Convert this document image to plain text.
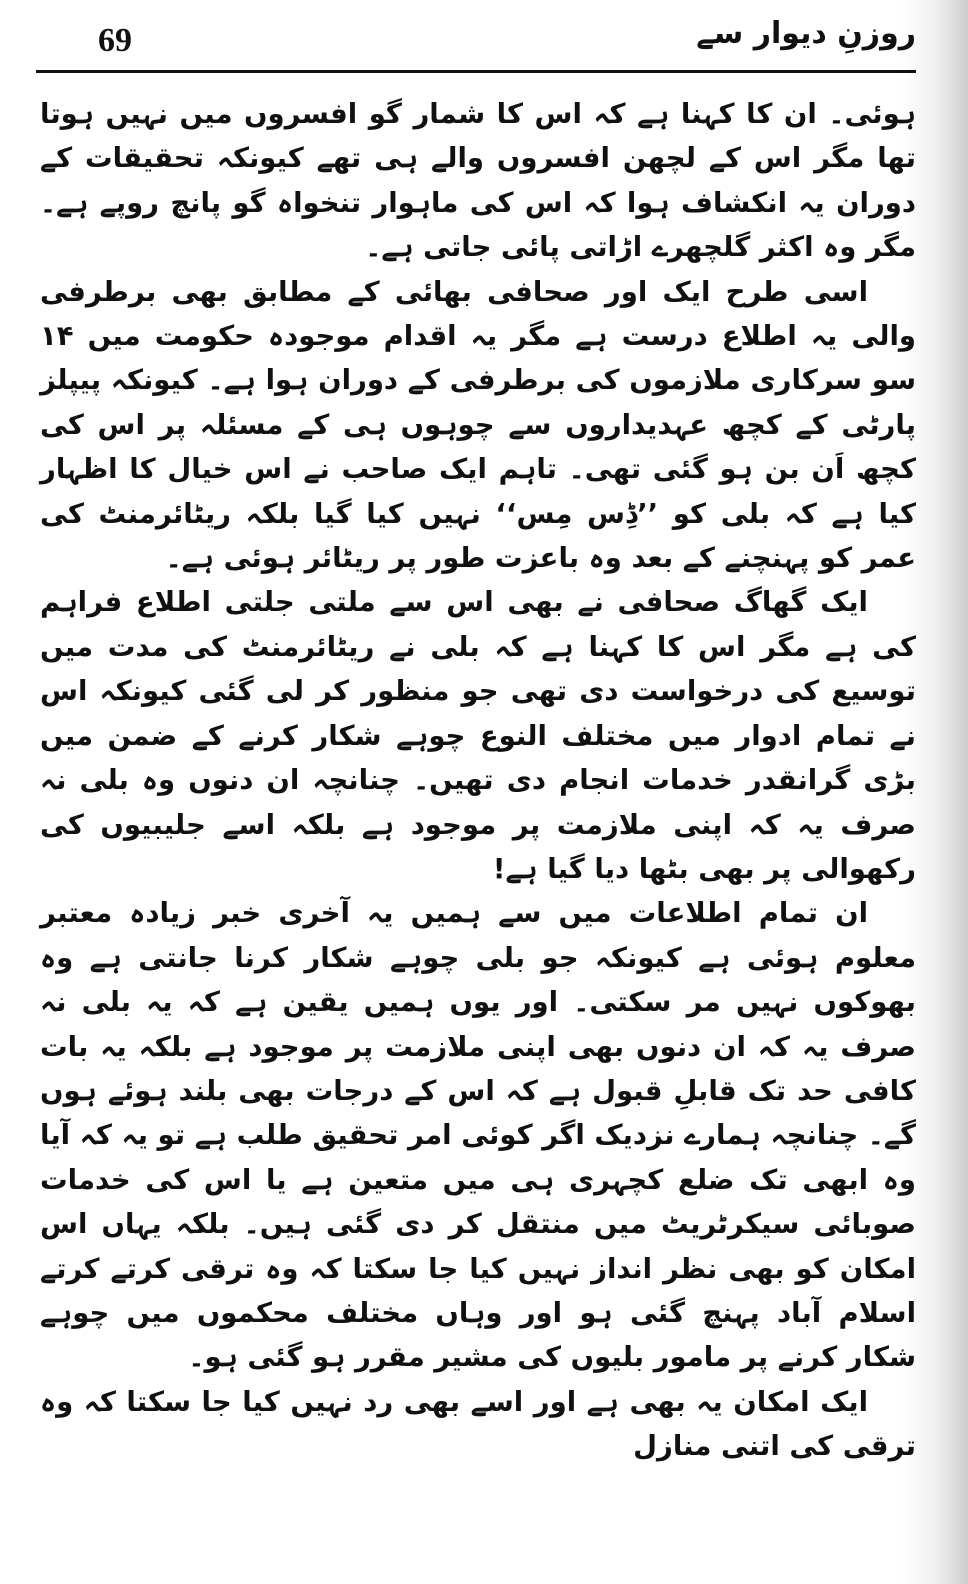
69	روزنِ دیوار سے

ہوئی۔ ان کا کہنا ہے کہ اس کا شمار گو افسروں میں نہیں ہوتا تھا مگر اس کے لچھن افسروں والے ہی تھے کیونکہ تحقیقات کے دوران یہ انکشاف ہوا کہ اس کی ماہوار تنخواہ گو پانچ روپے ہے۔ مگر وہ اکثر گلچھرے اڑاتی پائی جاتی ہے۔

اسی طرح ایک اور صحافی بھائی کے مطابق بھی برطرفی والی یہ اطلاع درست ہے مگر یہ اقدام موجودہ حکومت میں ۱۴ سو سرکاری ملازموں کی برطرفی کے دوران ہوا ہے۔ کیونکہ پیپلز پارٹی کے کچھ عہدیداروں سے چوہوں ہی کے مسئلہ پر اس کی کچھ اَن بن ہو گئی تھی۔ تاہم ایک صاحب نے اس خیال کا اظہار کیا ہے کہ بلی کو ’’ڈِس مِس‘‘ نہیں کیا گیا بلکہ ریٹائرمنٹ کی عمر کو پہنچنے کے بعد وہ باعزت طور پر ریٹائر ہوئی ہے۔

ایک گھاگ صحافی نے بھی اس سے ملتی جلتی اطلاع فراہم کی ہے مگر اس کا کہنا ہے کہ بلی نے ریٹائرمنٹ کی مدت میں توسیع کی درخواست دی تھی جو منظور کر لی گئی کیونکہ اس نے تمام ادوار میں مختلف النوع چوہے شکار کرنے کے ضمن میں بڑی گرانقدر خدمات انجام دی تھیں۔ چنانچہ ان دنوں وہ بلی نہ صرف یہ کہ اپنی ملازمت پر موجود ہے بلکہ اسے جلیبیوں کی رکھوالی پر بھی بٹھا دیا گیا ہے!

ان تمام اطلاعات میں سے ہمیں یہ آخری خبر زیادہ معتبر معلوم ہوئی ہے کیونکہ جو بلی چوہے شکار کرنا جانتی ہے وہ بھوکوں نہیں مر سکتی۔ اور یوں ہمیں یقین ہے کہ یہ بلی نہ صرف یہ کہ ان دنوں بھی اپنی ملازمت پر موجود ہے بلکہ یہ بات کافی حد تک قابلِ قبول ہے کہ اس کے درجات بھی بلند ہوئے ہوں گے۔ چنانچہ ہمارے نزدیک اگر کوئی امر تحقیق طلب ہے تو یہ کہ آیا وہ ابھی تک ضلع کچہری ہی میں متعین ہے یا اس کی خدمات صوبائی سیکرٹریٹ میں منتقل کر دی گئی ہیں۔ بلکہ یہاں اس امکان کو بھی نظر انداز نہیں کیا جا سکتا کہ وہ ترقی کرتے کرتے اسلام آباد پہنچ گئی ہو اور وہاں مختلف محکموں میں چوہے شکار کرنے پر مامور بلیوں کی مشیر مقرر ہو گئی ہو۔

ایک امکان یہ بھی ہے اور اسے بھی رد نہیں کیا جا سکتا کہ وہ ترقی کی اتنی منازل
